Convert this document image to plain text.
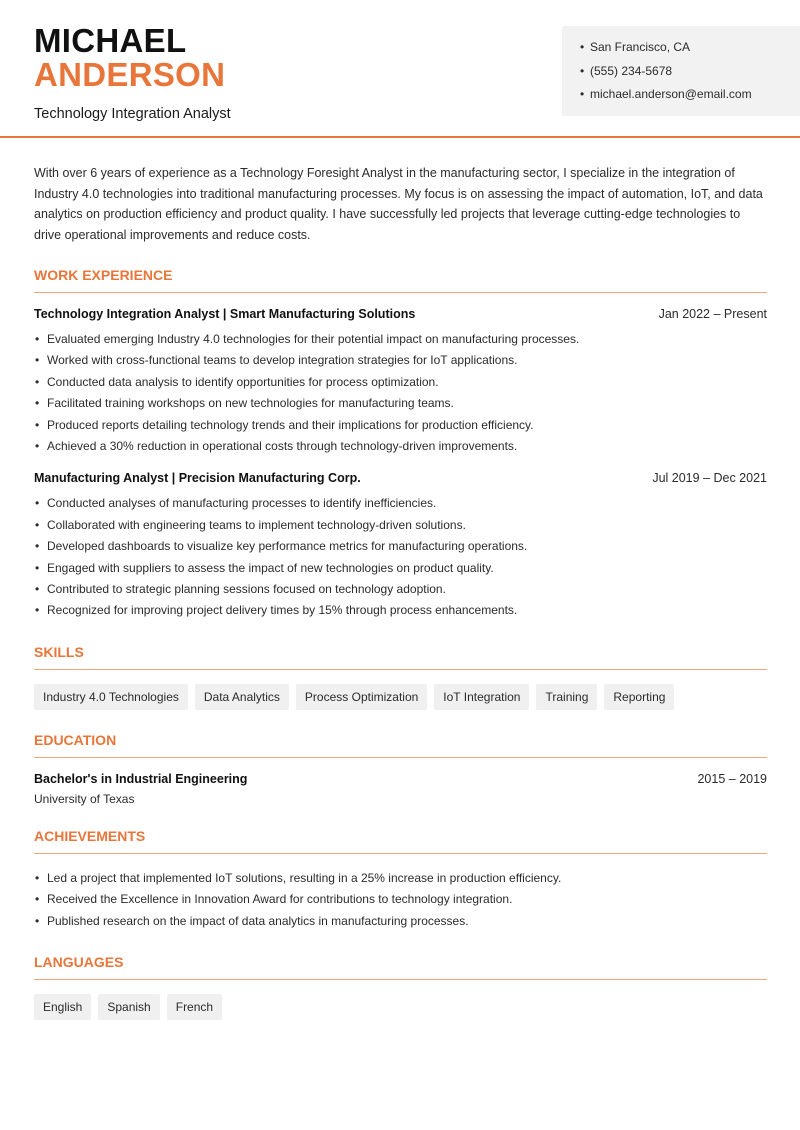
MICHAEL
ANDERSON
Technology Integration Analyst
• San Francisco, CA
• (555) 234-5678
• michael.anderson@email.com

With over 6 years of experience as a Technology Foresight Analyst in the manufacturing sector, I specialize in the integration of Industry 4.0 technologies into traditional manufacturing processes. My focus is on assessing the impact of automation, IoT, and data analytics on production efficiency and product quality. I have successfully led projects that leverage cutting-edge technologies to drive operational improvements and reduce costs.

WORK EXPERIENCE
Technology Integration Analyst | Smart Manufacturing Solutions	Jan 2022 – Present
• Evaluated emerging Industry 4.0 technologies for their potential impact on manufacturing processes.
• Worked with cross-functional teams to develop integration strategies for IoT applications.
• Conducted data analysis to identify opportunities for process optimization.
• Facilitated training workshops on new technologies for manufacturing teams.
• Produced reports detailing technology trends and their implications for production efficiency.
• Achieved a 30% reduction in operational costs through technology-driven improvements.
Manufacturing Analyst | Precision Manufacturing Corp.	Jul 2019 – Dec 2021
• Conducted analyses of manufacturing processes to identify inefficiencies.
• Collaborated with engineering teams to implement technology-driven solutions.
• Developed dashboards to visualize key performance metrics for manufacturing operations.
• Engaged with suppliers to assess the impact of new technologies on product quality.
• Contributed to strategic planning sessions focused on technology adoption.
• Recognized for improving project delivery times by 15% through process enhancements.
SKILLS
Industry 4.0 Technologies	Data Analytics	Process Optimization	IoT Integration	Training	Reporting
EDUCATION
Bachelor's in Industrial Engineering	2015 – 2019
University of Texas
ACHIEVEMENTS
• Led a project that implemented IoT solutions, resulting in a 25% increase in production efficiency.
• Received the Excellence in Innovation Award for contributions to technology integration.
• Published research on the impact of data analytics in manufacturing processes.
LANGUAGES
English	Spanish	French
